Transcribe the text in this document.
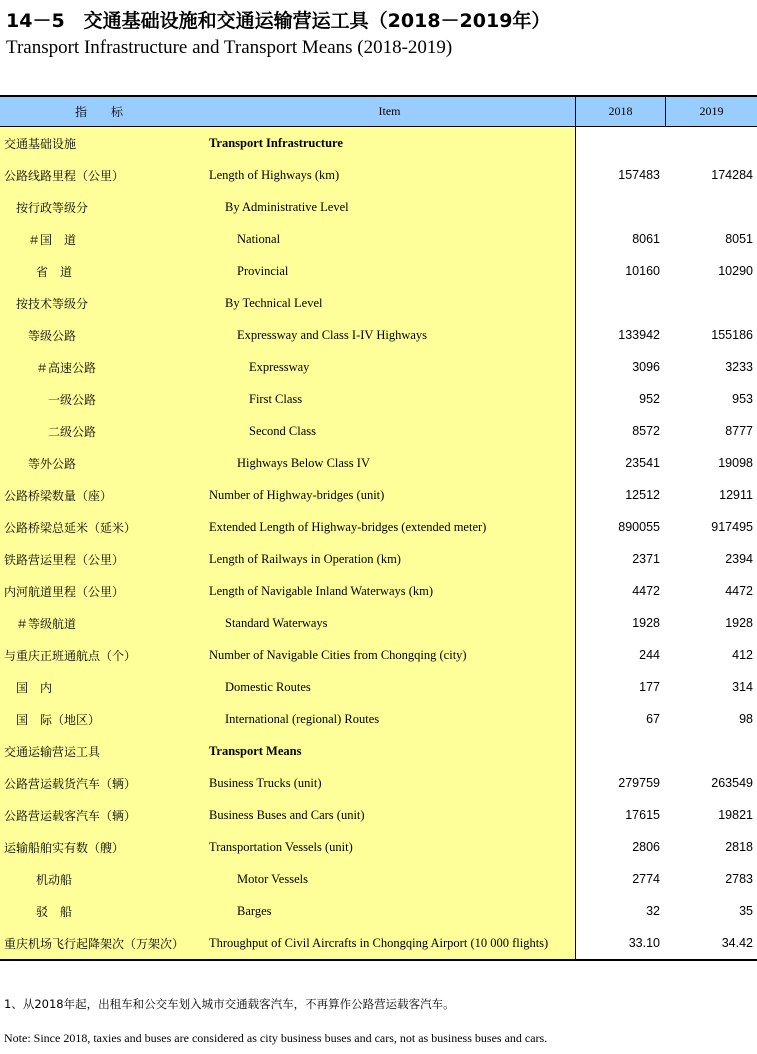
14－5　交通基础设施和交通运输营运工具（2018－2019年）
Transport Infrastructure and Transport Means (2018-2019)
指　标	Item	2018	2019
交通基础设施	Transport Infrastructure
公路线路里程（公里）	Length of Highways (km)	157483	174284
按行政等级分	By Administrative Level
＃国　道	National	8061	8051
省　道	Provincial	10160	10290
按技术等级分	By Technical Level
等级公路	Expressway and Class I-IV Highways	133942	155186
＃高速公路	Expressway	3096	3233
一级公路	First Class	952	953
二级公路	Second Class	8572	8777
等外公路	Highways Below Class IV	23541	19098
公路桥梁数量（座）	Number of Highway-bridges (unit)	12512	12911
公路桥梁总延米（延米）	Extended Length of Highway-bridges (extended meter)	890055	917495
铁路营运里程（公里）	Length of Railways in Operation (km)	2371	2394
内河航道里程（公里）	Length of Navigable Inland Waterways (km)	4472	4472
＃等级航道	Standard Waterways	1928	1928
与重庆正班通航点（个）	Number of Navigable Cities from Chongqing (city)	244	412
国　内	Domestic Routes	177	314
国　际（地区）	International (regional) Routes	67	98
交通运输营运工具	Transport Means
公路营运载货汽车（辆）	Business Trucks (unit)	279759	263549
公路营运载客汽车（辆）	Business Buses and Cars (unit)	17615	19821
运输船舶实有数（艘）	Transportation Vessels (unit)	2806	2818
机动船	Motor Vessels	2774	2783
驳　船	Barges	32	35
重庆机场飞行起降架次（万架次）	Throughput of Civil Aircrafts in Chongqing Airport (10 000 flights)	33.10	34.42
1、从2018年起，出租车和公交车划入城市交通载客汽车，不再算作公路营运载客汽车。
Note: Since 2018, taxies and buses are considered as city business buses and cars, not as business buses and cars.
